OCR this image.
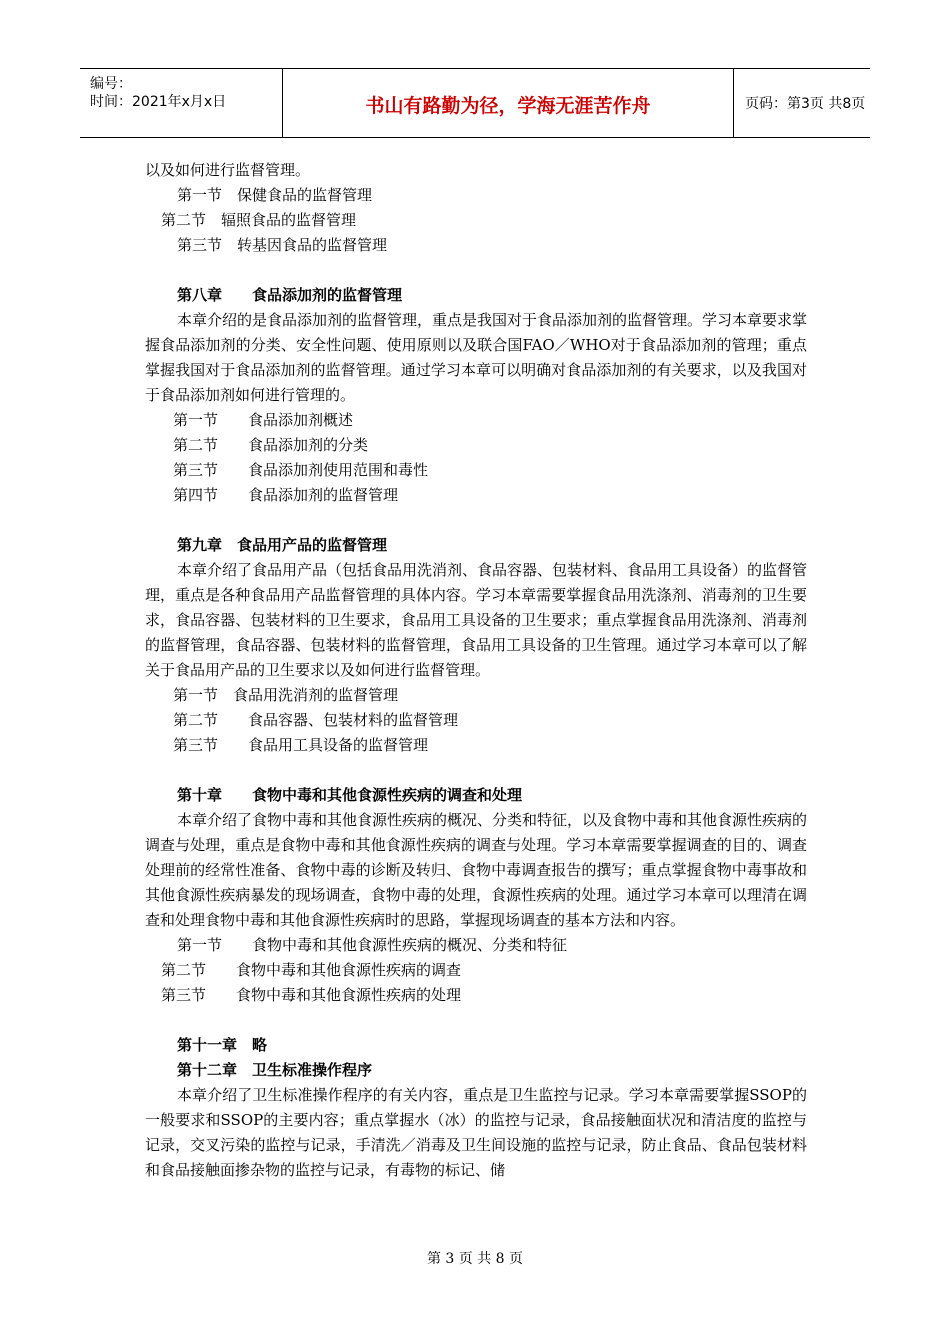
编号：
时间：2021年x月x日	书山有路勤为径，学海无涯苦作舟	页码：第3页 共8页
以及如何进行监督管理。
第一节　保健食品的监督管理
第二节　辐照食品的监督管理
第三节　转基因食品的监督管理
第八章　　食品添加剂的监督管理
本章介绍的是食品添加剂的监督管理，重点是我国对于食品添加剂的监督管理。学习本章要求掌握食品添加剂的分类、安全性问题、使用原则以及联合国FAO／WHO对于食品添加剂的管理；重点掌握我国对于食品添加剂的监督管理。通过学习本章可以明确对食品添加剂的有关要求，以及我国对于食品添加剂如何进行管理的。
第一节　　食品添加剂概述
第二节　　食品添加剂的分类
第三节　　食品添加剂使用范围和毒性
第四节　　食品添加剂的监督管理
第九章　食品用产品的监督管理
本章介绍了食品用产品（包括食品用洗消剂、食品容器、包装材料、食品用工具设备）的监督管理，重点是各种食品用产品监督管理的具体内容。学习本章需要掌握食品用洗涤剂、消毒剂的卫生要求，食品容器、包装材料的卫生要求，食品用工具设备的卫生要求；重点掌握食品用洗涤剂、消毒剂的监督管理，食品容器、包装材料的监督管理，食品用工具设备的卫生管理。通过学习本章可以了解关于食品用产品的卫生要求以及如何进行监督管理。
第一节　食品用洗消剂的监督管理
第二节　　食品容器、包装材料的监督管理
第三节　　食品用工具设备的监督管理
第十章　　食物中毒和其他食源性疾病的调查和处理
本章介绍了食物中毒和其他食源性疾病的概况、分类和特征，以及食物中毒和其他食源性疾病的调查与处理，重点是食物中毒和其他食源性疾病的调查与处理。学习本章需要掌握调查的目的、调查处理前的经常性准备、食物中毒的诊断及转归、食物中毒调查报告的撰写；重点掌握食物中毒事故和其他食源性疾病暴发的现场调查，食物中毒的处理，食源性疾病的处理。通过学习本章可以理清在调查和处理食物中毒和其他食源性疾病时的思路，掌握现场调查的基本方法和内容。
第一节　　食物中毒和其他食源性疾病的概况、分类和特征
第二节　　食物中毒和其他食源性疾病的调查
第三节　　食物中毒和其他食源性疾病的处理
第十一章　略
第十二章　卫生标准操作程序
本章介绍了卫生标准操作程序的有关内容，重点是卫生监控与记录。学习本章需要掌握SSOP的一般要求和SSOP的主要内容；重点掌握水（冰）的监控与记录，食品接触面状况和清洁度的监控与记录，交叉污染的监控与记录，手清洗／消毒及卫生间设施的监控与记录，防止食品、食品包装材料和食品接触面掺杂物的监控与记录，有毒物的标记、储
第 3 页 共 8 页
